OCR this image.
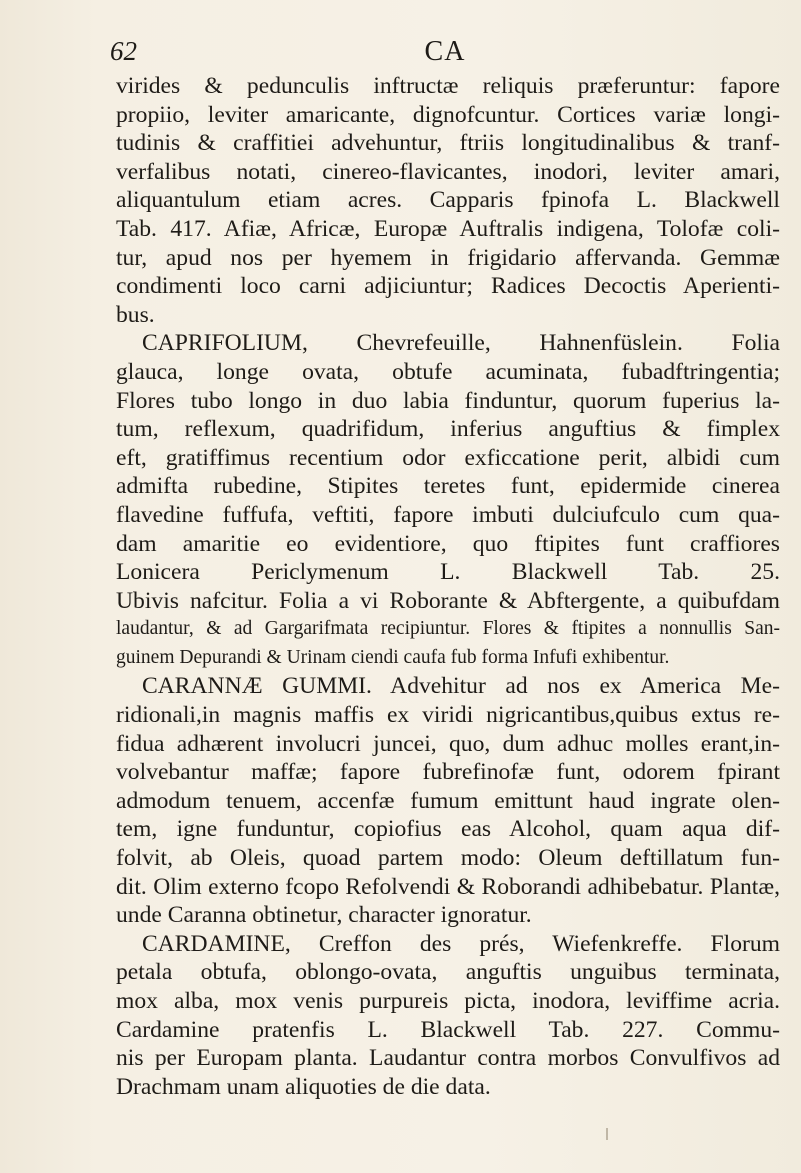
62	CA
virides & pedunculis inftructæ reliquis præferuntur: fapore
propiio, leviter amaricante, dignofcuntur. Cortices variæ longi-
tudinis & craffitiei advehuntur, ftriis longitudinalibus & tranf-
verfalibus notati, cinereo-flavicantes, inodori, leviter amari,
aliquantulum etiam acres. Capparis fpinofa L. Blackwell
Tab. 417. Afiæ, Africæ, Europæ Auftralis indigena, Tolofæ coli-
tur, apud nos per hyemem in frigidario affervanda. Gemmæ
condimenti loco carni adjiciuntur; Radices Decoctis Aperienti-
bus.
CAPRIFOLIUM, Chevrefeuille, Hahnenfüslein. Folia
glauca, longe ovata, obtufe acuminata, fubadftringentia;
Flores tubo longo in duo labia finduntur, quorum fuperius la-
tum, reflexum, quadrifidum, inferius anguftius & fimplex
eft, gratiffimus recentium odor exficcatione perit, albidi cum
admifta rubedine, Stipites teretes funt, epidermide cinerea
flavedine fuffufa, veftiti, fapore imbuti dulciufculo cum qua-
dam amaritie eo evidentiore, quo ftipites funt craffiores
Lonicera Periclymenum L. Blackwell Tab. 25.
Ubivis nafcitur. Folia a vi Roborante & Abftergente, a quibufdam
laudantur, & ad Gargarifmata recipiuntur. Flores & ftipites a nonnullis San-
guinem Depurandi & Urinam ciendi caufa fub forma Infufi exhibentur.
CARANNÆ GUMMI. Advehitur ad nos ex America Me-
ridionali,in magnis maffis ex viridi nigricantibus,quibus extus re-
fidua adhærent involucri juncei, quo, dum adhuc molles erant,in-
volvebantur maffæ; fapore fubrefinofæ funt, odorem fpirant
admodum tenuem, accenfæ fumum emittunt haud ingrate olen-
tem, igne funduntur, copiofius eas Alcohol, quam aqua dif-
folvit, ab Oleis, quoad partem modo: Oleum deftillatum fun-
dit. Olim externo fcopo Refolvendi & Roborandi adhibebatur. Plantæ,
unde Caranna obtinetur, character ignoratur.
CARDAMINE, Creffon des prés, Wiefenkreffe. Florum
petala obtufa, oblongo-ovata, anguftis unguibus terminata,
mox alba, mox venis purpureis picta, inodora, leviffime acria.
Cardamine pratenfis L. Blackwell Tab. 227. Commu-
nis per Europam planta. Laudantur contra morbos Convulfivos ad
Drachmam unam aliquoties de die data.
